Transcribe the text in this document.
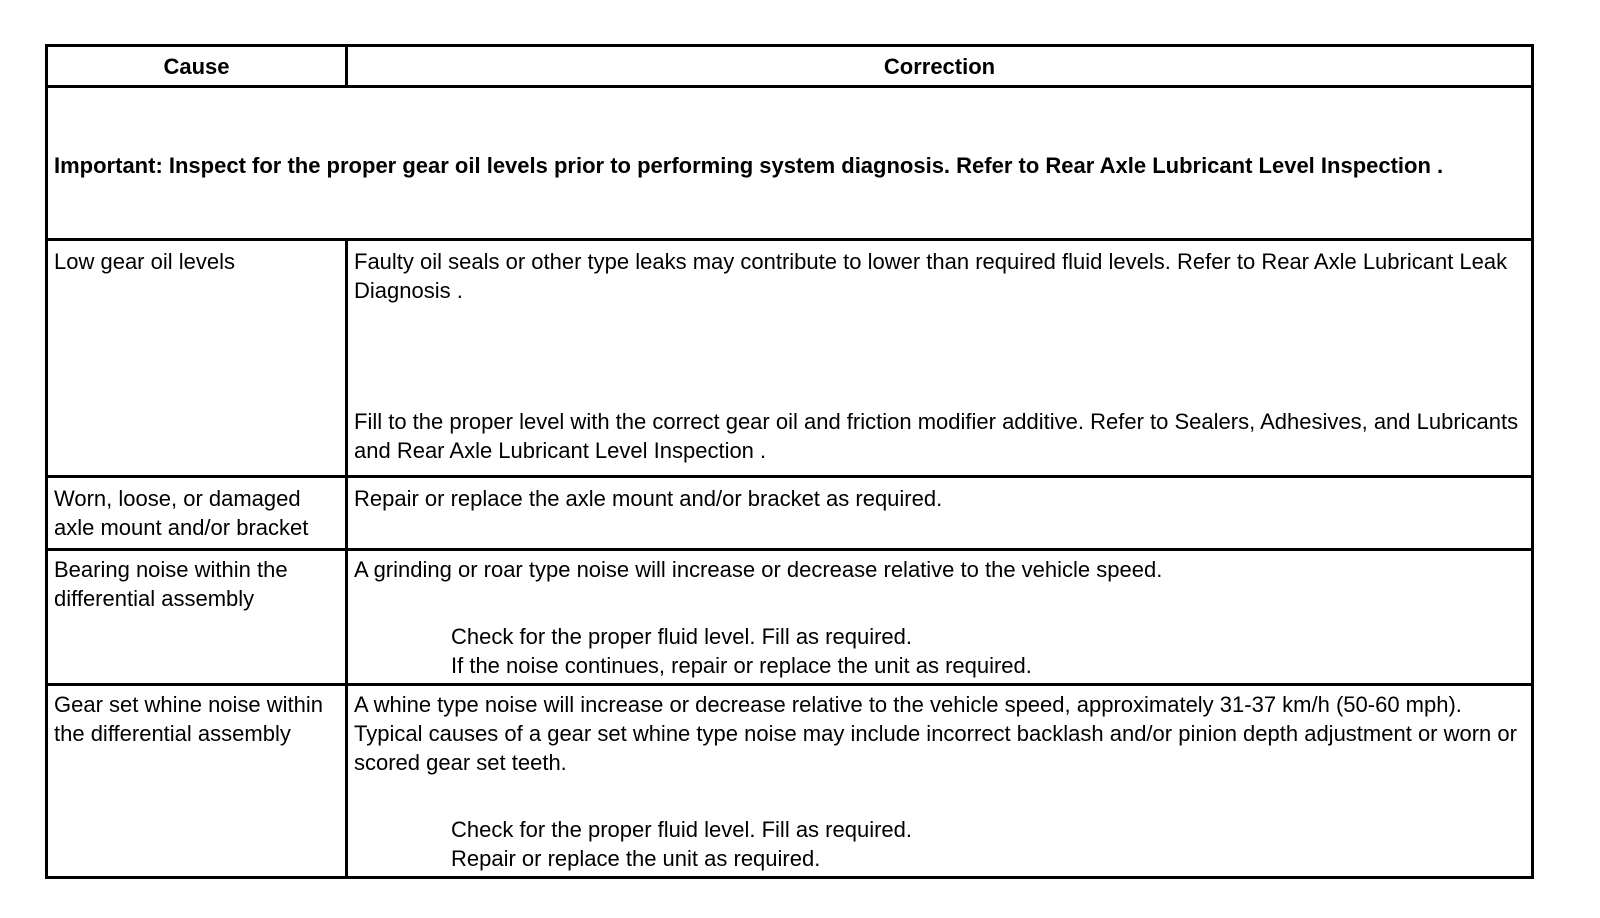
Cause	Correction

Important: Inspect for the proper gear oil levels prior to performing system diagnosis. Refer to Rear Axle Lubricant Level Inspection .	

Low gear oil levels	Faulty oil seals or other type leaks may contribute to lower than required fluid levels. Refer to Rear Axle Lubricant Leak Diagnosis .
Fill to the proper level with the correct gear oil and friction modifier additive. Refer to Sealers, Adhesives, and Lubricants and Rear Axle Lubricant Level Inspection .

Worn, loose, or damaged axle mount and/or bracket	Repair or replace the axle mount and/or bracket as required.

Bearing noise within the differential assembly	A grinding or roar type noise will increase or decrease relative to the vehicle speed.
Check for the proper fluid level. Fill as required.
If the noise continues, repair or replace the unit as required.

Gear set whine noise within the differential assembly	A whine type noise will increase or decrease relative to the vehicle speed, approximately 31-37 km/h (50-60 mph). Typical causes of a gear set whine type noise may include incorrect backlash and/or pinion depth adjustment or worn or scored gear set teeth.
Check for the proper fluid level. Fill as required.
Repair or replace the unit as required.
